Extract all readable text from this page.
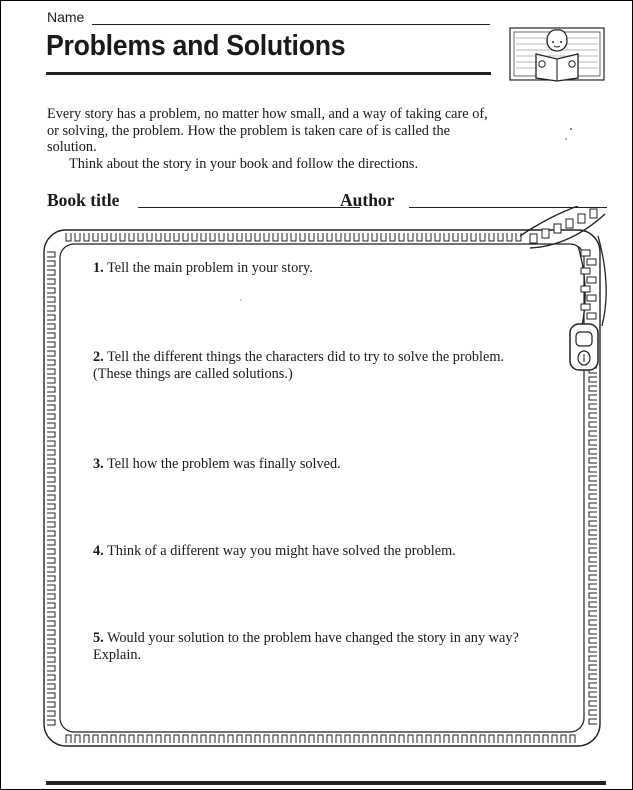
Name
Problems and Solutions

Every story has a problem, no matter how small, and a way of taking care of, or solving, the problem. How the problem is taken care of is called the solution.

Think about the story in your book and follow the directions.

Book title	Author
1. Tell the main problem in your story.
2. Tell the different things the characters did to try to solve the problem. (These things are called solutions.)
3. Tell how the problem was finally solved.
4. Think of a different way you might have solved the problem.
5. Would your solution to the problem have changed the story in any way? Explain.
